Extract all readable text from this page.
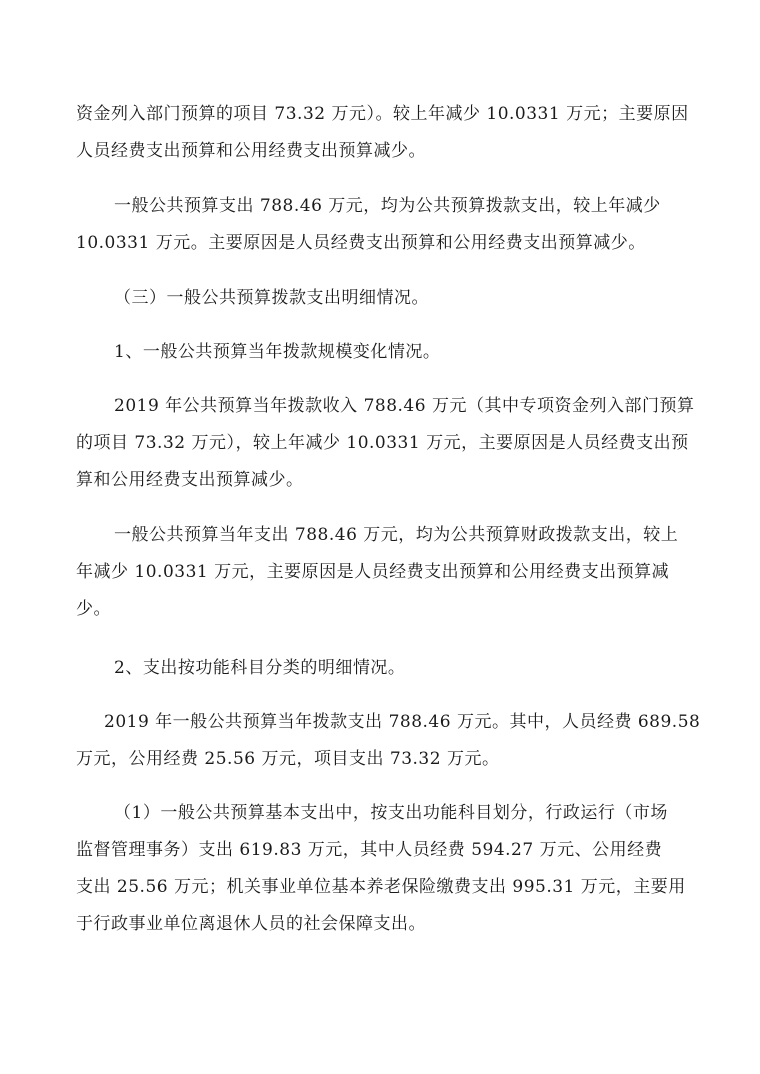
资金列入部门预算的项目 73.32 万元）。较上年减少 10.0331 万元；主要原因
人员经费支出预算和公用经费支出预算减少。
一般公共预算支出 788.46 万元，均为公共预算拨款支出，较上年减少
10.0331 万元。主要原因是人员经费支出预算和公用经费支出预算减少。
（三）一般公共预算拨款支出明细情况。
1、一般公共预算当年拨款规模变化情况。
2019 年公共预算当年拨款收入 788.46 万元（其中专项资金列入部门预算
的项目 73.32 万元），较上年减少 10.0331 万元，主要原因是人员经费支出预
算和公用经费支出预算减少。
一般公共预算当年支出 788.46 万元，均为公共预算财政拨款支出，较上
年减少 10.0331 万元，主要原因是人员经费支出预算和公用经费支出预算减
少。
2、支出按功能科目分类的明细情况。
2019 年一般公共预算当年拨款支出 788.46 万元。其中，人员经费 689.58
万元，公用经费 25.56 万元，项目支出 73.32 万元。
（1）一般公共预算基本支出中，按支出功能科目划分，行政运行（市场
监督管理事务）支出 619.83 万元，其中人员经费 594.27 万元、公用经费
支出 25.56 万元；机关事业单位基本养老保险缴费支出 995.31 万元，主要用
于行政事业单位离退休人员的社会保障支出。
